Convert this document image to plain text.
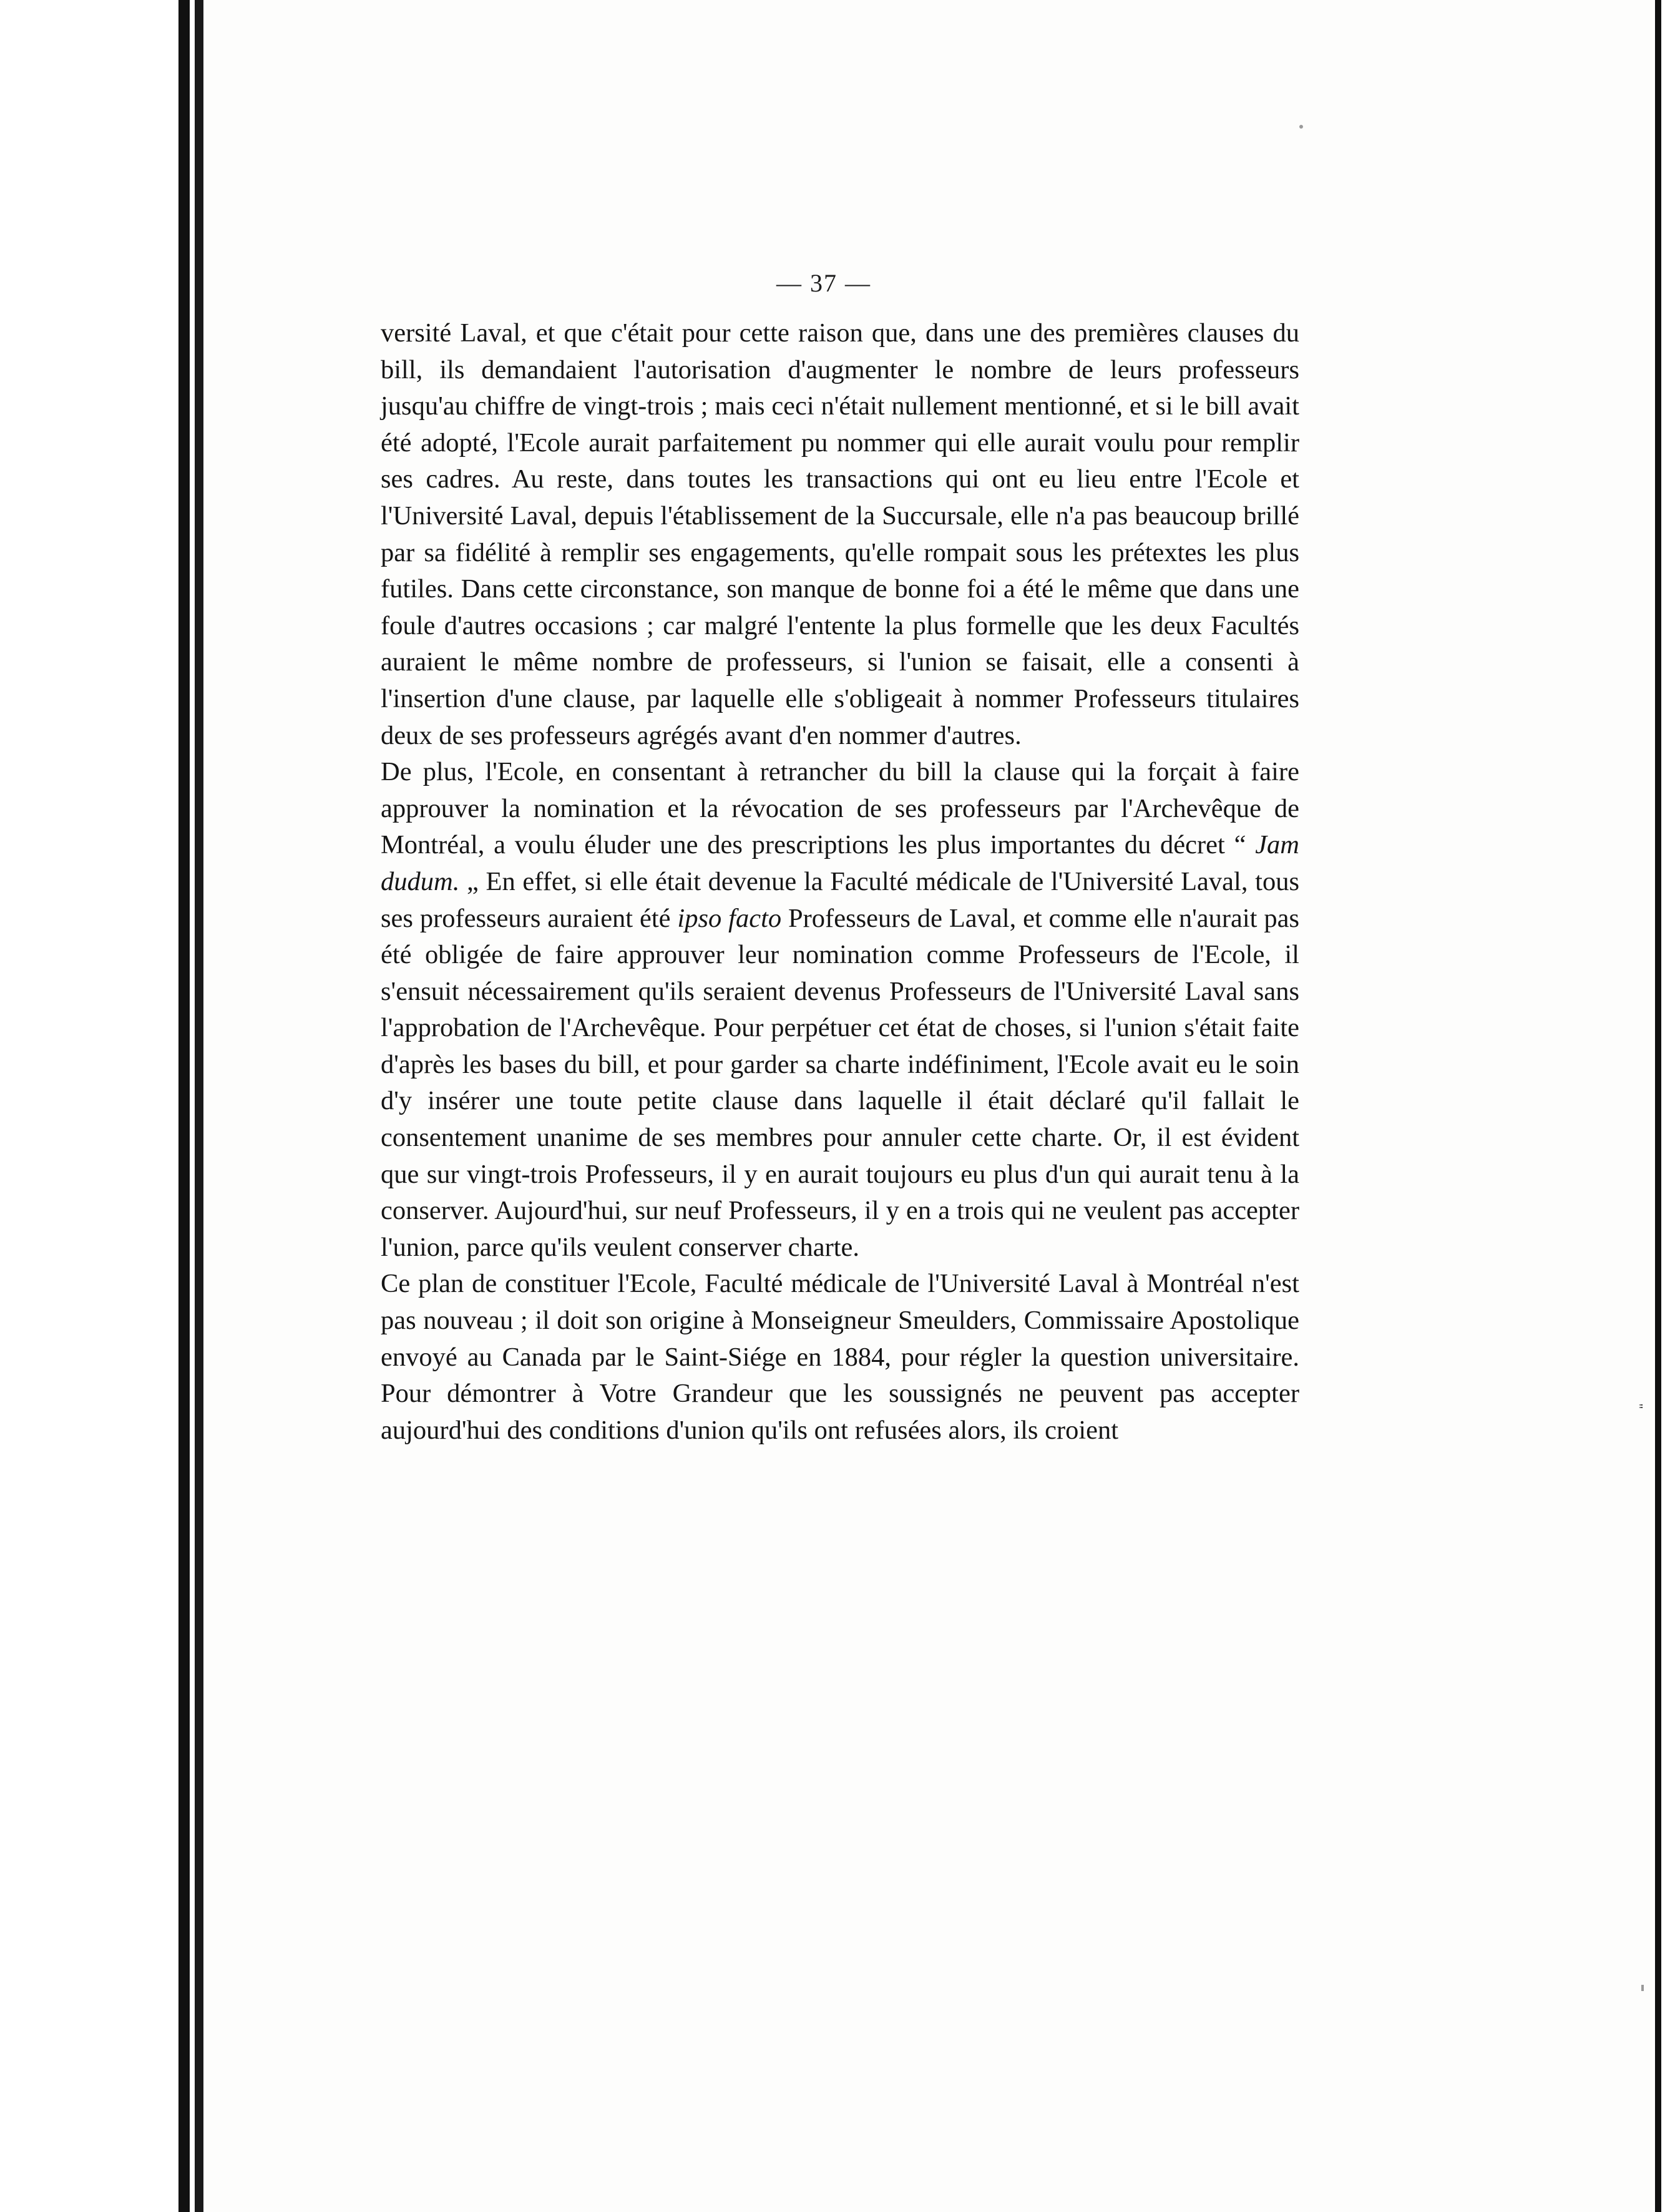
— 37 —

versité Laval, et que c'était pour cette raison que, dans une des premières clauses du bill, ils demandaient l'autorisation d'augmenter le nombre de leurs professeurs jusqu'au chiffre de vingt-trois ; mais ceci n'était nullement mentionné, et si le bill avait été adopté, l'Ecole aurait parfaitement pu nommer qui elle aurait voulu pour remplir ses cadres. Au reste, dans toutes les transactions qui ont eu lieu entre l'Ecole et l'Université Laval, depuis l'établissement de la Succursale, elle n'a pas beaucoup brillé par sa fidélité à remplir ses engagements, qu'elle rompait sous les prétextes les plus futiles. Dans cette circonstance, son manque de bonne foi a été le même que dans une foule d'autres occasions ; car malgré l'entente la plus formelle que les deux Facultés auraient le même nombre de professeurs, si l'union se faisait, elle a consenti à l'insertion d'une clause, par laquelle elle s'obligeait à nommer Professeurs titulaires deux de ses professeurs agrégés avant d'en nommer d'autres.

De plus, l'Ecole, en consentant à retrancher du bill la clause qui la forçait à faire approuver la nomination et la révocation de ses professeurs par l'Archevêque de Montréal, a voulu éluder une des prescriptions les plus importantes du décret “ Jam dudum. „ En effet, si elle était devenue la Faculté médicale de l'Université Laval, tous ses professeurs auraient été ipso facto Professeurs de Laval, et comme elle n'aurait pas été obligée de faire approuver leur nomination comme Professeurs de l'Ecole, il s'ensuit nécessairement qu'ils seraient devenus Professeurs de l'Université Laval sans l'approbation de l'Archevêque. Pour perpétuer cet état de choses, si l'union s'était faite d'après les bases du bill, et pour garder sa charte indéfiniment, l'Ecole avait eu le soin d'y insérer une toute petite clause dans laquelle il était déclaré qu'il fallait le consentement unanime de ses membres pour annuler cette charte. Or, il est évident que sur vingt-trois Professeurs, il y en aurait toujours eu plus d'un qui aurait tenu à la conserver. Aujourd'hui, sur neuf Professeurs, il y en a trois qui ne veulent pas accepter l'union, parce qu'ils veulent conserver charte.

Ce plan de constituer l'Ecole, Faculté médicale de l'Université Laval à Montréal n'est pas nouveau ; il doit son origine à Monseigneur Smeulders, Commissaire Apostolique envoyé au Canada par le Saint-Siége en 1884, pour régler la question universitaire. Pour démontrer à Votre Grandeur que les soussignés ne peuvent pas accepter aujourd'hui des conditions d'union qu'ils ont refusées alors, ils croient

"
